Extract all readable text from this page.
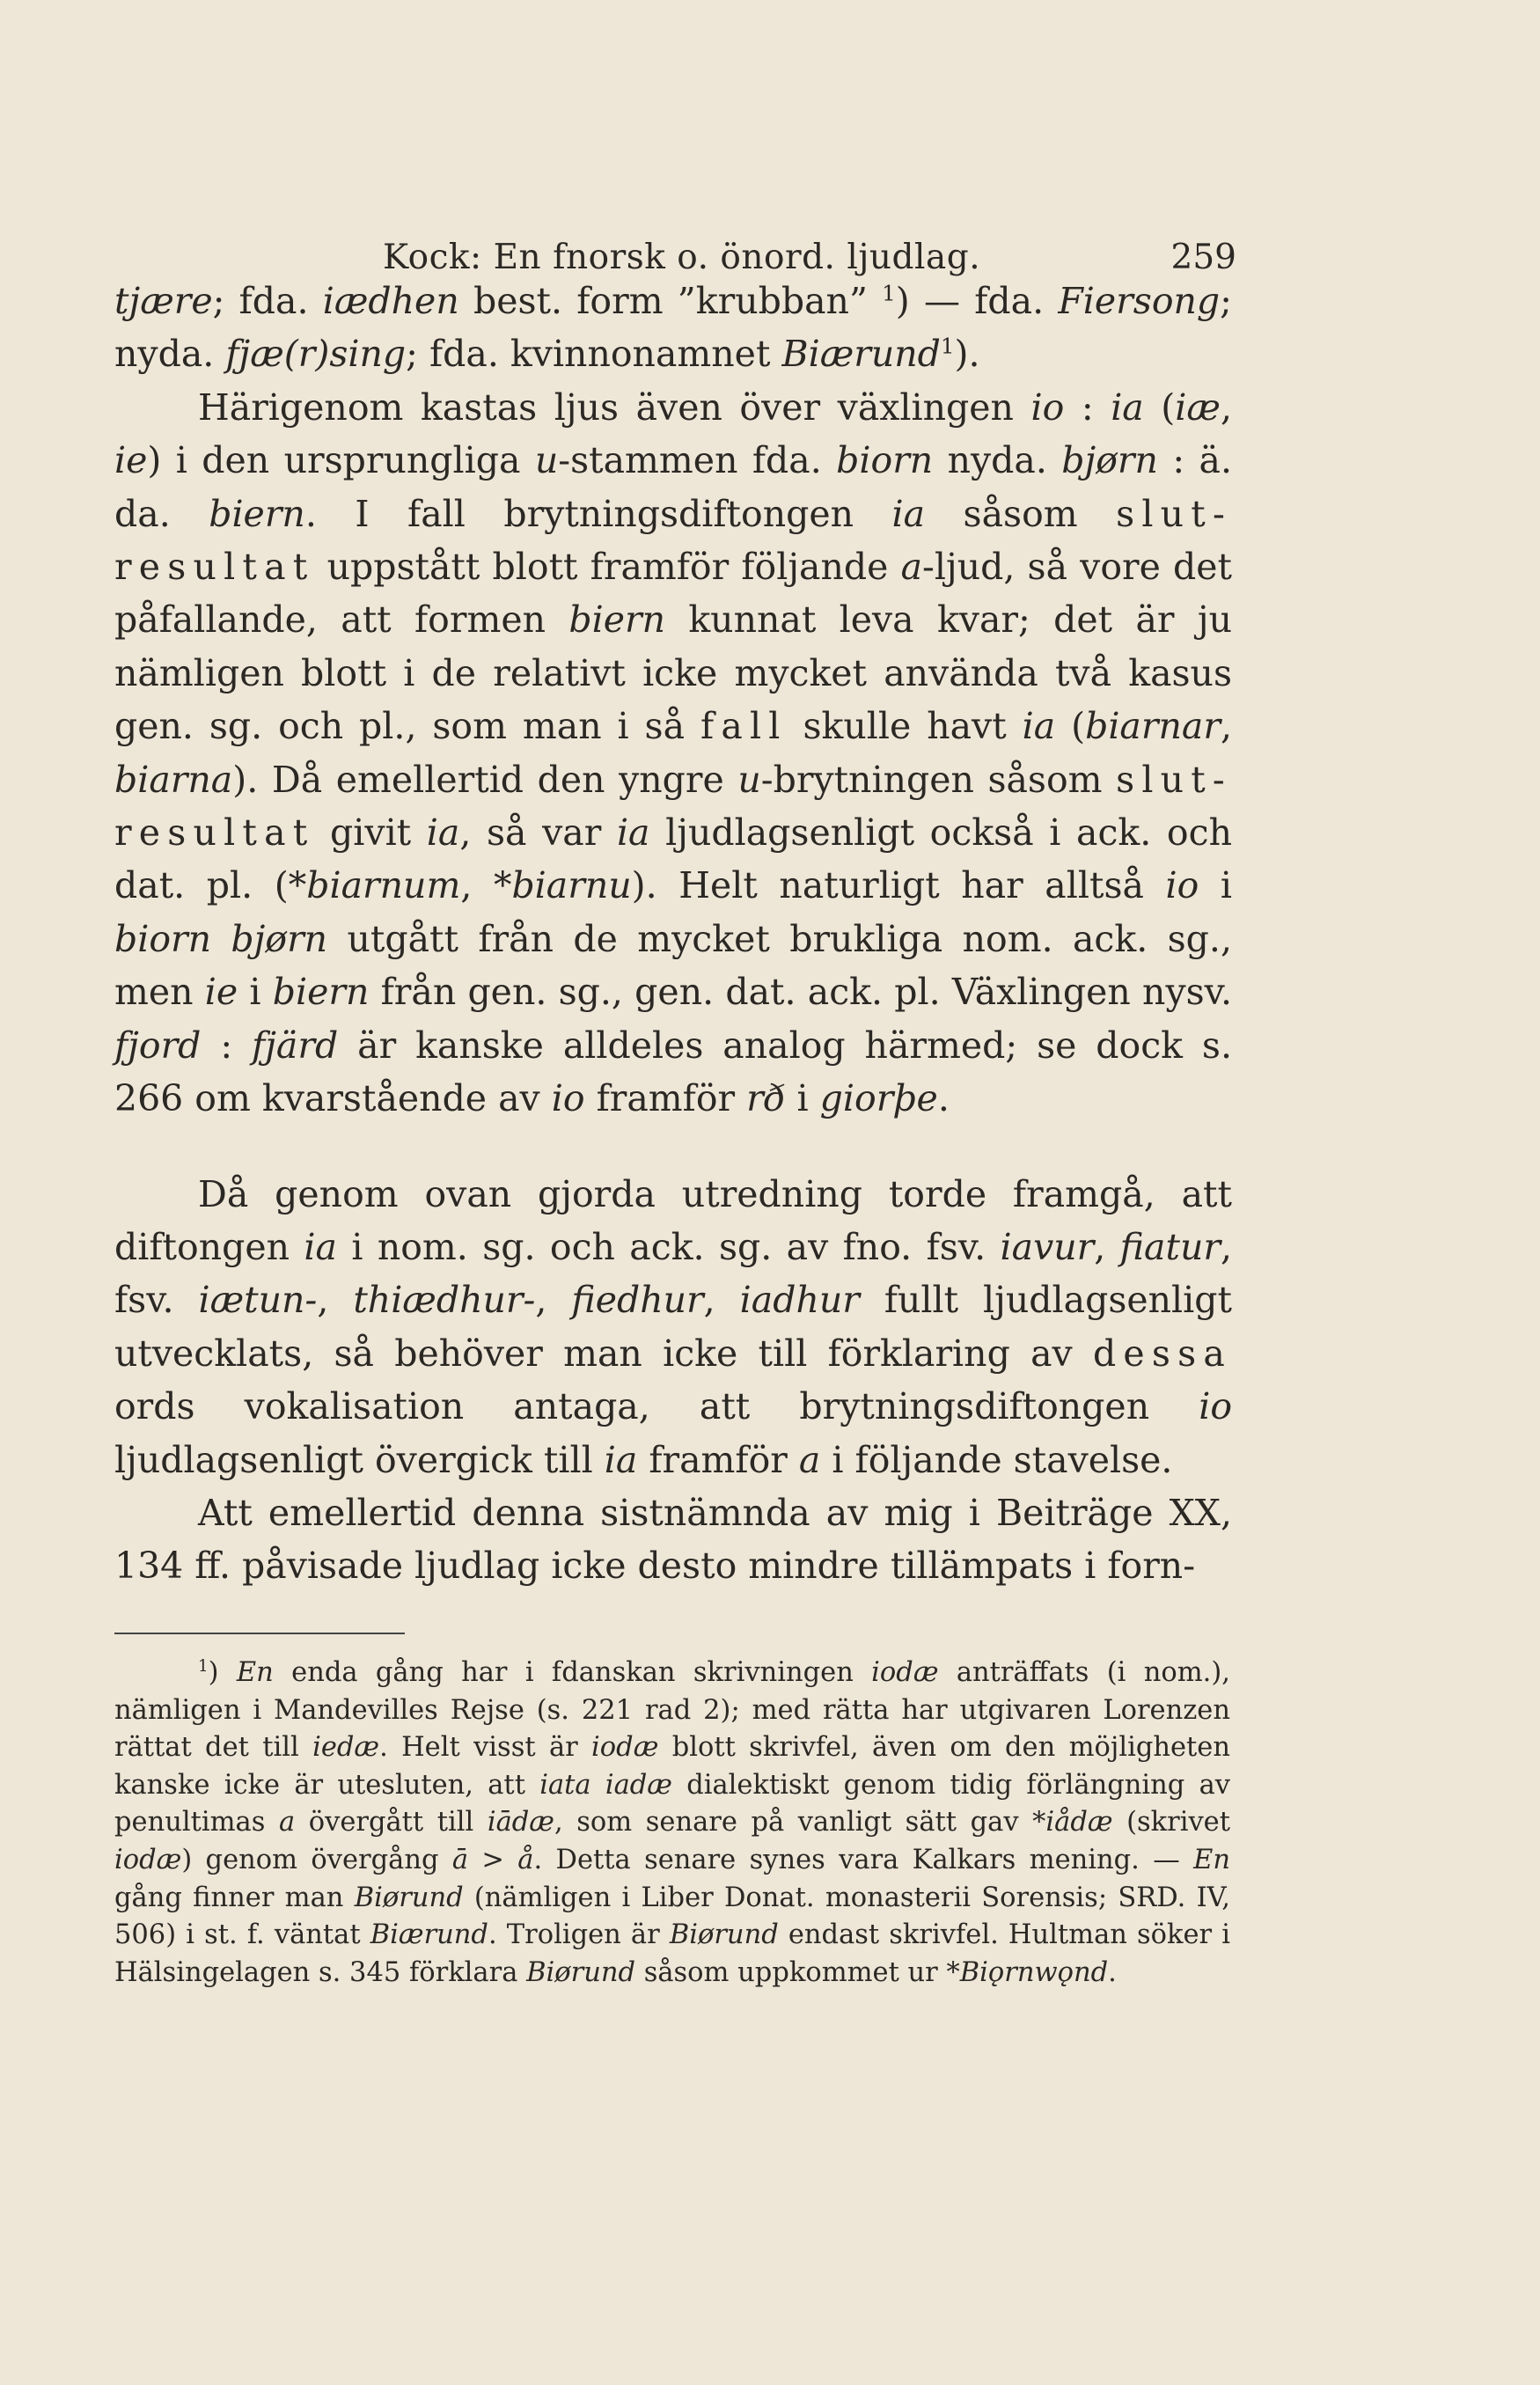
Kock: En fnorsk o. önord. ljudlag.	259

tjære; fda. iædhen best. form ”krubban” $^1$) — fda. Fiersong; nyda. fjæ(r)sing; fda. kvinnonamnet Biærund$^1$).

Härigenom kastas ljus även över växlingen io : ia (iæ, ie) i den ursprungliga u-stammen fda. biorn nyda. bjørn : ä. da. biern. I fall brytningsdiftongen ia såsom slut-resultat uppstått blott framför följande a-ljud, så vore det påfallande, att formen biern kunnat leva kvar; det är ju nämligen blott i de relativt icke mycket använda två kasus gen. sg. och pl., som man i så fall skulle havt ia (biarnar, biarna). Då emellertid den yngre u-brytningen såsom slut-resultat givit ia, så var ia ljudlagsenligt också i ack. och dat. pl. (*biarnum, *biarnu). Helt naturligt har alltså io i biorn bjørn utgått från de mycket brukliga nom. ack. sg., men ie i biern från gen. sg., gen. dat. ack. pl. Växlingen nysv. fjord : fjärd är kanske alldeles analog härmed; se dock s. 266 om kvarstående av io framför rð i giorþe.

Då genom ovan gjorda utredning torde framgå, att diftongen ia i nom. sg. och ack. sg. av fno. fsv. iavur, fiatur, fsv. iætun-, thiædhur-, fiedhur, iadhur fullt ljudlagsenligt utvecklats, så behöver man icke till förklaring av dessa ords vokalisation antaga, att brytningsdiftongen io ljudlagsenligt övergick till ia framför a i följande stavelse.

Att emellertid denna sistnämnda av mig i Beiträge XX, 134 ff. påvisade ljudlag icke desto mindre tillämpats i forn-

$^1$) En enda gång har i fdanskan skrivningen iodæ anträffats (i nom.), nämligen i Mandevilles Rejse (s. 221 rad 2); med rätta har utgivaren Lorenzen rättat det till iedæ. Helt visst är iodæ blott skrivfel, även om den möjligheten kanske icke är utesluten, att iata iadæ dialektiskt genom tidig förlängning av penultimas a övergått till iādæ, som senare på vanligt sätt gav *iådæ (skrivet iodæ) genom övergång ā > å. Detta senare synes vara Kalkars mening. — En gång finner man Biørund (nämligen i Liber Donat. monasterii Sorensis; SRD. IV, 506) i st. f. väntat Biærund. Troligen är Biørund endast skrivfel. Hultman söker i Hälsingelagen s. 345 förklara Biørund såsom uppkommet ur *Biǫrnwǫnd.
